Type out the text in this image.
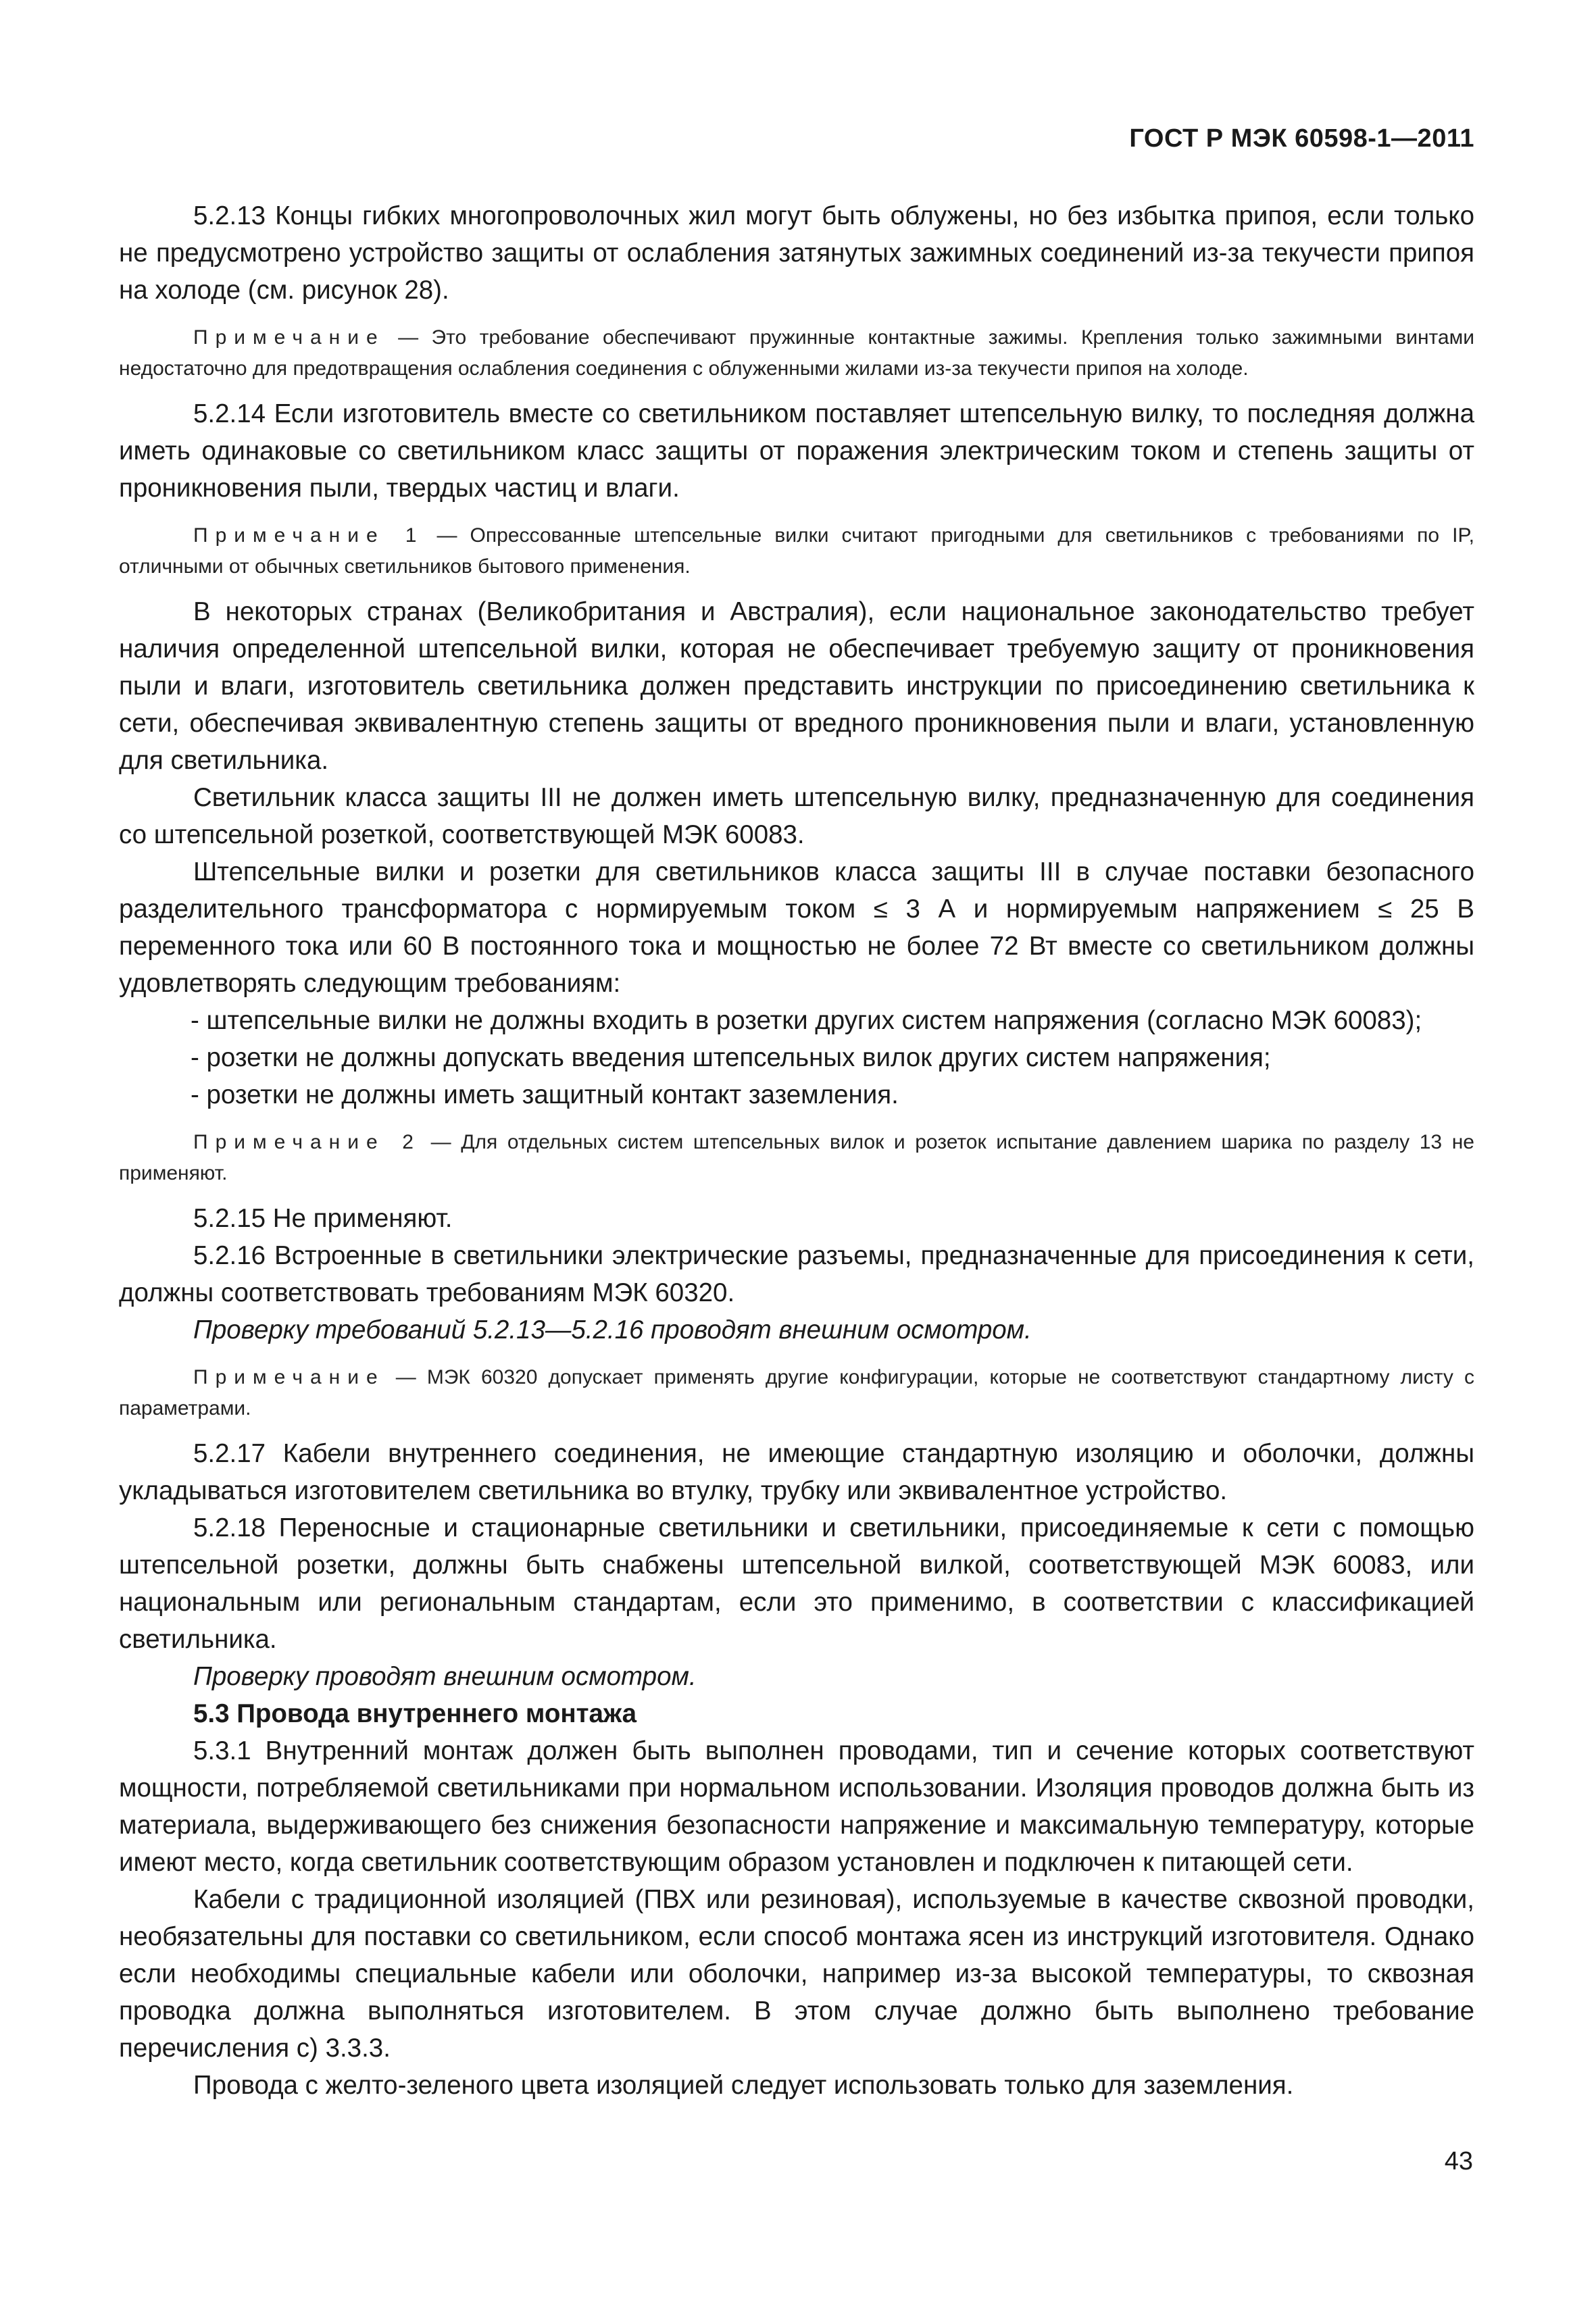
ГОСТ Р МЭК 60598-1—2011

5.2.13 Концы гибких многопроволочных жил могут быть облужены, но без избытка припоя, если только не предусмотрено устройство защиты от ослабления затянутых зажимных соединений из-за текучести припоя на холоде (см. рисунок 28).

Примечание — Это требование обеспечивают пружинные контактные зажимы. Крепления только зажимными винтами недостаточно для предотвращения ослабления соединения с облуженными жилами из-за текучести припоя на холоде.

5.2.14 Если изготовитель вместе со светильником поставляет штепсельную вилку, то последняя должна иметь одинаковые со светильником класс защиты от поражения электрическим током и степень защиты от проникновения пыли, твердых частиц и влаги.

Примечание 1 — Опрессованные штепсельные вилки считают пригодными для светильников с требованиями по IP, отличными от обычных светильников бытового применения.

В некоторых странах (Великобритания и Австралия), если национальное законодательство требует наличия определенной штепсельной вилки, которая не обеспечивает требуемую защиту от проникновения пыли и влаги, изготовитель светильника должен представить инструкции по присоединению светильника к сети, обеспечивая эквивалентную степень защиты от вредного проникновения пыли и влаги, установленную для светильника.

Светильник класса защиты III не должен иметь штепсельную вилку, предназначенную для соединения со штепсельной розеткой, соответствующей МЭК 60083.

Штепсельные вилки и розетки для светильников класса защиты III в случае поставки безопасного разделительного трансформатора с нормируемым током ≤ 3 А и нормируемым напряжением ≤ 25 В переменного тока или 60 В постоянного тока и мощностью не более 72 Вт вместе со светильником должны удовлетворять следующим требованиям:

- штепсельные вилки не должны входить в розетки других систем напряжения (согласно МЭК 60083);

- розетки не должны допускать введения штепсельных вилок других систем напряжения;

- розетки не должны иметь защитный контакт заземления.

Примечание 2 — Для отдельных систем штепсельных вилок и розеток испытание давлением шарика по разделу 13 не применяют.

5.2.15 Не применяют.

5.2.16 Встроенные в светильники электрические разъемы, предназначенные для присоединения к сети, должны соответствовать требованиям МЭК 60320.

Проверку требований 5.2.13—5.2.16 проводят внешним осмотром.

Примечание — МЭК 60320 допускает применять другие конфигурации, которые не соответствуют стандартному листу с параметрами.

5.2.17 Кабели внутреннего соединения, не имеющие стандартную изоляцию и оболочки, должны укладываться изготовителем светильника во втулку, трубку или эквивалентное устройство.

5.2.18 Переносные и стационарные светильники и светильники, присоединяемые к сети с помощью штепсельной розетки, должны быть снабжены штепсельной вилкой, соответствующей МЭК 60083, или национальным или региональным стандартам, если это применимо, в соответствии с классификацией светильника.

Проверку проводят внешним осмотром.

5.3 Провода внутреннего монтажа

5.3.1 Внутренний монтаж должен быть выполнен проводами, тип и сечение которых соответствуют мощности, потребляемой светильниками при нормальном использовании. Изоляция проводов должна быть из материала, выдерживающего без снижения безопасности напряжение и максимальную температуру, которые имеют место, когда светильник соответствующим образом установлен и подключен к питающей сети.

Кабели с традиционной изоляцией (ПВХ или резиновая), используемые в качестве сквозной проводки, необязательны для поставки со светильником, если способ монтажа ясен из инструкций изготовителя. Однако если необходимы специальные кабели или оболочки, например из-за высокой температуры, то сквозная проводка должна выполняться изготовителем. В этом случае должно быть выполнено требование перечисления с) 3.3.3.

Провода с желто-зеленого цвета изоляцией следует использовать только для заземления.

43
